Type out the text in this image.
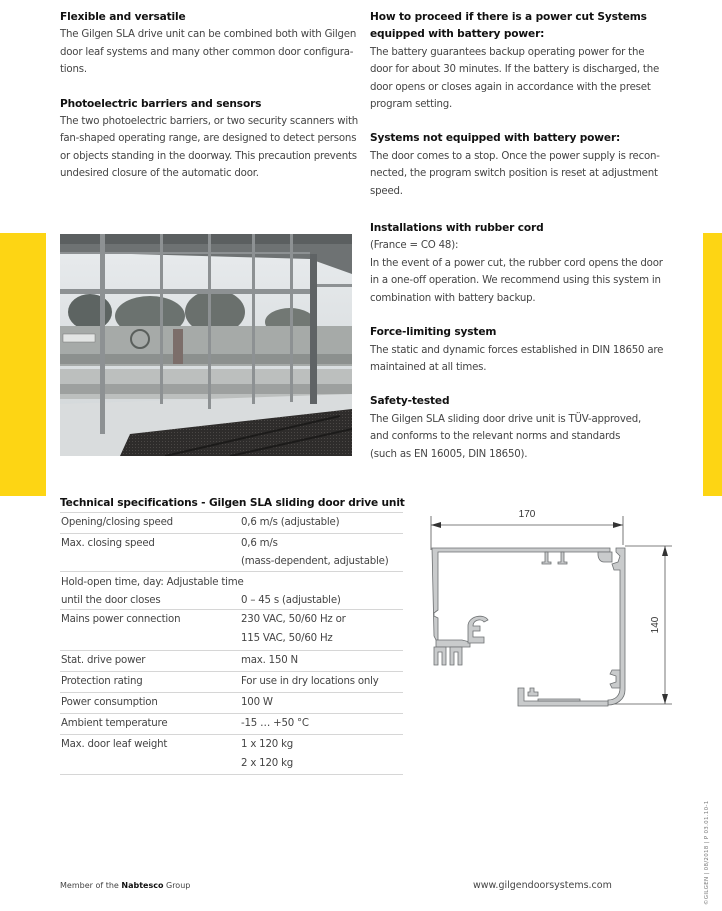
Flexible and versatile
The Gilgen SLA drive unit can be combined both with Gilgen
door leaf systems and many other common door configura-
tions.
Photoelectric barriers and sensors
The two photoelectric barriers, or two security scanners with
fan-shaped operating range, are designed to detect persons
or objects standing in the doorway. This precaution prevents
undesired closure of the automatic door.
How to proceed if there is a power cut Systems
equipped with battery power:
The battery guarantees backup operating power for the
door for about 30 minutes. If the battery is discharged, the
door opens or closes again in accordance with the preset
program setting.
Systems not equipped with battery power:
The door comes to a stop. Once the power supply is recon-
nected, the program switch position is reset at adjustment
speed.
Installations with rubber cord
(France = CO 48):
In the event of a power cut, the rubber cord opens the door
in a one-off operation. We recommend using this system in
combination with battery backup.
Force-limiting system
The static and dynamic forces established in DIN 18650 are
maintained at all times.
Safety-tested
The Gilgen SLA sliding door drive unit is TÜV-approved,
and conforms to the relevant norms and standards
(such as EN 16005, DIN 18650).
Technical specifications - Gilgen SLA sliding door drive unit
Opening/closing speed	0,6 m/s (adjustable)
Max. closing speed	0,6 m/s
(mass-dependent, adjustable)
Hold-open time, day: Adjustable time
until the door closes	0 – 45 s (adjustable)
Mains power connection	230 VAC, 50/60 Hz or
115 VAC, 50/60 Hz
Stat. drive power	max. 150 N
Protection rating	For use in dry locations only
Power consumption	100 W
Ambient temperature	-15 … +50 °C
Max. door leaf weight	1 x 120 kg
2 x 120 kg
170
140
Member of the Nabtesco Group	www.gilgendoorsystems.com	©GILGEN | 08/2018 | P 03.01.10-1
